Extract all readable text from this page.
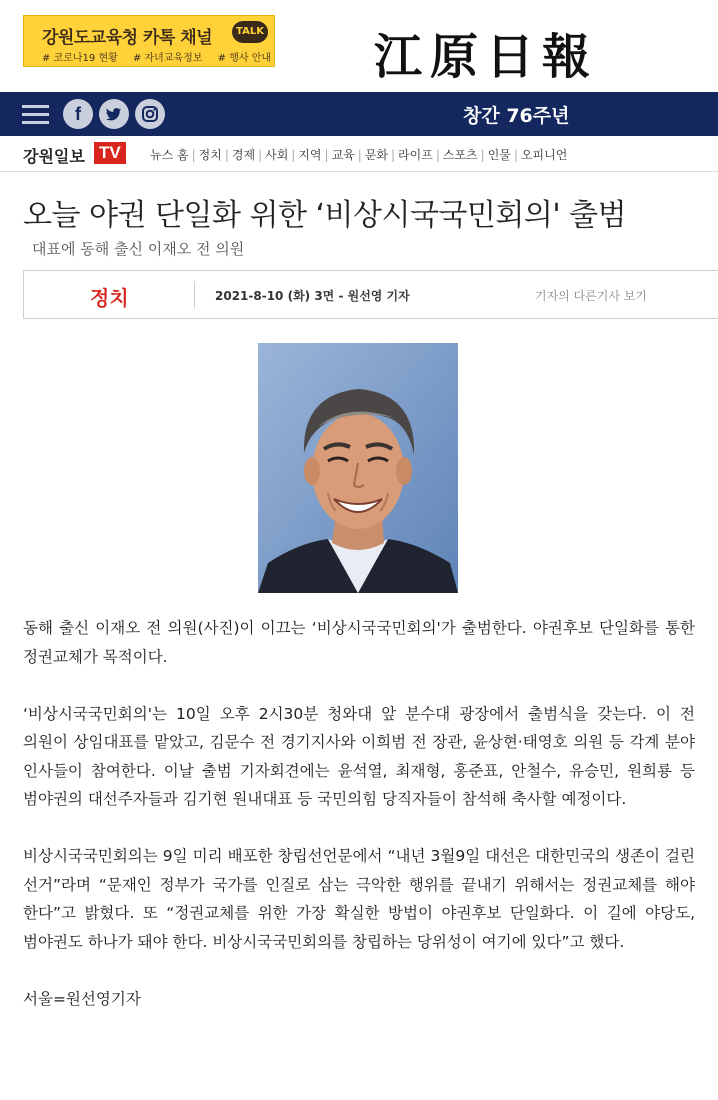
강원도교육청 카톡 채널	TALK
# 코로나19 현황 # 자녀교육정보 # 행사 안내 江原日報
f	창간 76주년
강원일보 TV	뉴스 홈 | 정치 | 경제 | 사회 | 지역 | 교육 | 문화 | 라이프 | 스포츠 | 인물 | 오피니언
오늘 야권 단일화 위한 ‘비상시국국민회의' 출범
대표에 동해 출신 이재오 전 의원
정치	2021-8-10 (화) 3면 - 원선영 기자	기자의 다른기사 보기

동해 출신 이재오 전 의원(사진)이 이끄는 ‘비상시국국민회의'가 출범한다. 야권후보 단일화를 통한 정권교체가 목적이다.

‘비상시국국민회의'는 10일 오후 2시30분 청와대 앞 분수대 광장에서 출범식을 갖는다. 이 전 의원이 상임대표를 맡았고, 김문수 전 경기지사와 이희범 전 장관, 윤상현·태영호 의원 등 각계 분야 인사들이 참여한다. 이날 출범 기자회견에는 윤석열, 최재형, 홍준표, 안철수, 유승민, 원희룡 등 범야권의 대선주자들과 김기현 원내대표 등 국민의힘 당직자들이 참석해 축사할 예정이다.

비상시국국민회의는 9일 미리 배포한 창립선언문에서 “내년 3월9일 대선은 대한민국의 생존이 걸린 선거”라며 “문재인 정부가 국가를 인질로 삼는 극악한 행위를 끝내기 위해서는 정권교체를 해야 한다”고 밝혔다. 또 “정권교체를 위한 가장 확실한 방법이 야권후보 단일화다. 이 길에 야당도, 범야권도 하나가 돼야 한다. 비상시국국민회의를 창립하는 당위성이 여기에 있다”고 했다.

서울=원선영기자
